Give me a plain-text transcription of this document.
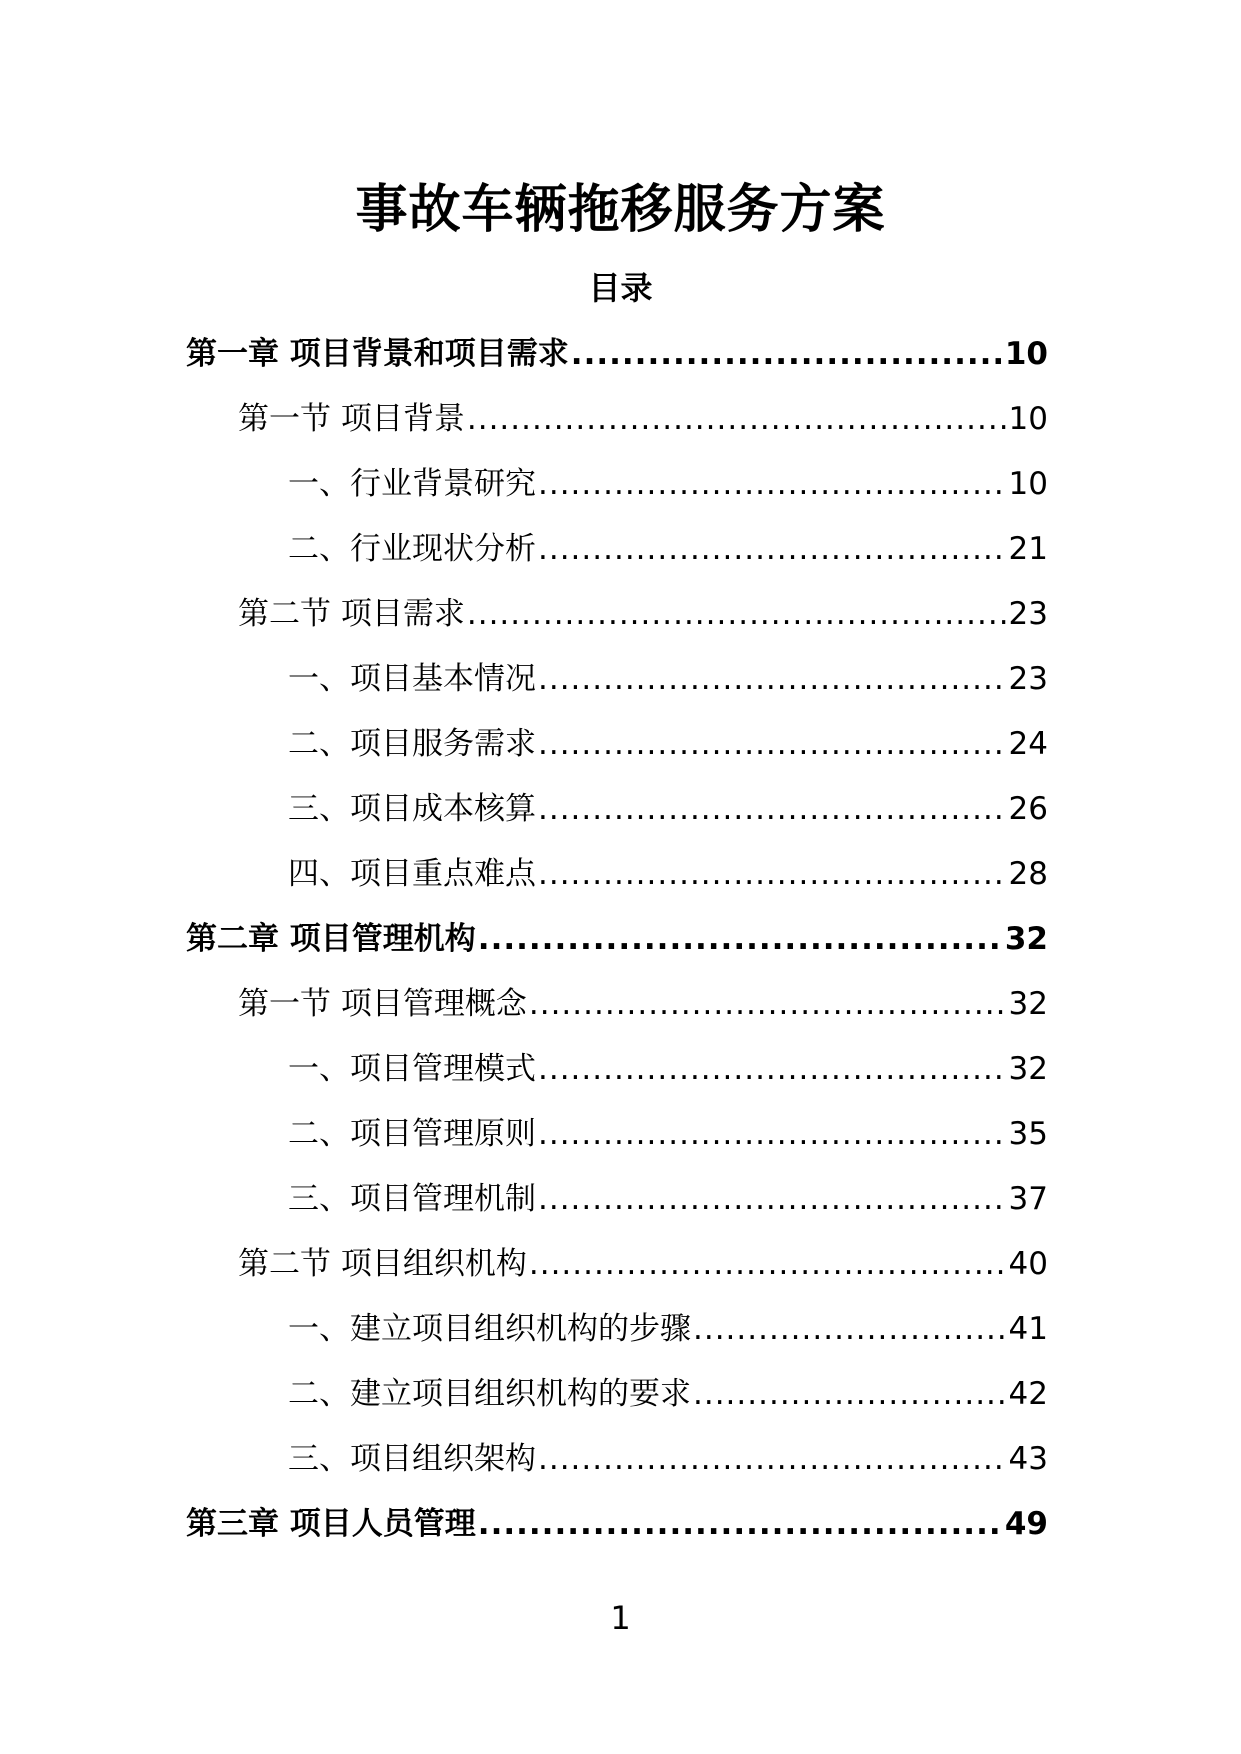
事故车辆拖移服务方案
目录
第一章 项目背景和项目需求 .....	10
第一节 项目背景 .....	10
一、行业背景研究 .....	10
二、行业现状分析 .....	21
第二节 项目需求 .....	23
一、项目基本情况 .....	23
二、项目服务需求 .....	24
三、项目成本核算 .....	26
四、项目重点难点 .....	28
第二章 项目管理机构 .....	32
第一节 项目管理概念 .....	32
一、项目管理模式 .....	32
二、项目管理原则 .....	35
三、项目管理机制 .....	37
第二节 项目组织机构 .....	40
一、建立项目组织机构的步骤 .....	41
二、建立项目组织机构的要求 .....	42
三、项目组织架构 .....	43
第三章 项目人员管理 .....	49
1
